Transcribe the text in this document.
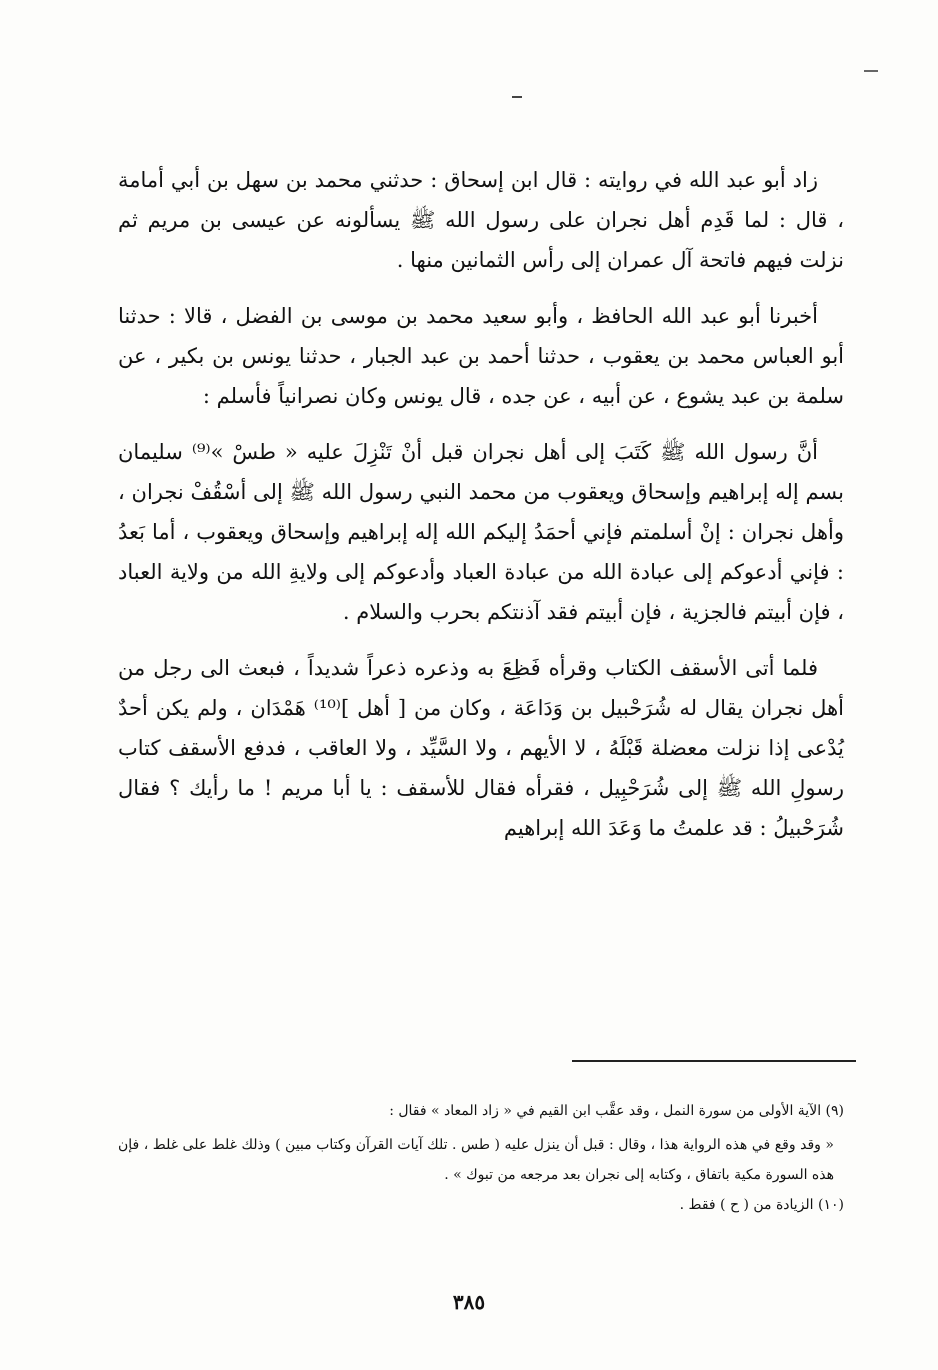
زاد أبو عبد الله في روايته : قال ابن إسحاق : حدثني محمد بن سهل بن أبي أمامة ، قال : لما قَدِم أهل نجران على رسول الله ﷺ يسألونه عن عيسى بن مريم ثم نزلت فيهم فاتحة آل عمران إلى رأس الثمانين منها .

أخبرنا أبو عبد الله الحافظ ، وأبو سعيد محمد بن موسى بن الفضل ، قالا : حدثنا أبو العباس محمد بن يعقوب ، حدثنا أحمد بن عبد الجبار ، حدثنا يونس بن بكير ، عن سلمة بن عبد يشوع ، عن أبيه ، عن جده ، قال يونس وكان نصرانياً فأسلم :

أنَّ رسول الله ﷺ كَتَبَ إلى أهل نجران قبل أنْ تَنْزِلَ عليه « طسْ »⁽⁹⁾ سليمان بسم إله إبراهيم وإسحاق ويعقوب من محمد النبي رسول الله ﷺ إلى أسْقُفْ نجران ، وأهل نجران : إنْ أسلمتم فإني أحمَدُ إليكم الله إله إبراهيم وإسحاق ويعقوب ، أما بَعدُ : فإني أدعوكم إلى عبادة الله من عبادة العباد وأدعوكم إلى ولايةِ الله من ولاية العباد ، فإن أبيتم فالجزية ، فإن أبيتم فقد آذنتكم بحرب والسلام .

فلما أتى الأسقف الكتاب وقرأه فَظِعَ به وذعره ذعراً شديداً ، فبعث الى رجل من أهل نجران يقال له شُرَحْبيل بن وَدَاعَة ، وكان من [ أهل ]⁽¹⁰⁾ هَمْدَان ، ولم يكن أحدٌ يُدْعى إذا نزلت معضلة قَبْلَهُ ، لا الأيهم ، ولا السَّيِّد ، ولا العاقب ، فدفع الأسقف كتاب رسولِ الله ﷺ إلى شُرَحْبِيل ، فقرأه فقال للأسقف : يا أبا مريم ! ما رأيك ؟ فقال شُرَحْبيلُ : قد علمتُ ما وَعَدَ الله إبراهيم

(٩) الآية الأولى من سورة النمل ، وقد عقَّب ابن القيم في « زاد المعاد » فقال :

« وقد وقع في هذه الرواية هذا ، وقال : قبل أن ينزل عليه ( طس . تلك آيات القرآن وكتاب مبين ) وذلك غلط على غلط ، فإن هذه السورة مكية باتفاق ، وكتابه إلى نجران بعد مرجعه من تبوك » .

(١٠) الزيادة من ( ح ) فقط .

٣٨٥
